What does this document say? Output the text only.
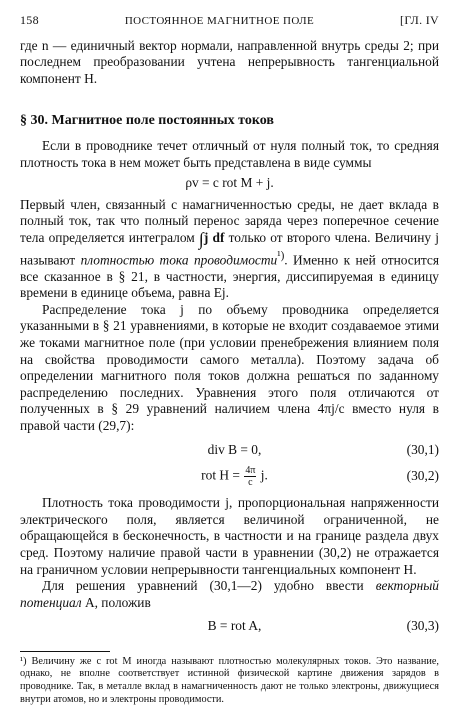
158	ПОСТОЯННОЕ МАГНИТНОЕ ПОЛЕ	[ГЛ. IV

где n — единичный вектор нормали, направленной внутрь среды 2; при последнем преобразовании учтена непрерывность тангенциальной компонент H.

§ 30. Магнитное поле постоянных токов

Если в проводнике течет отличный от нуля полный ток, то средняя плотность тока в нем может быть представлена в виде суммы

ρv = c rot M + j.

Первый член, связанный с намагниченностью среды, не дает вклада в полный ток, так что полный перенос заряда через поперечное сечение тела определяется интегралом ∫j df только от второго члена. Величину j называют плотностью тока проводимости$^{^1)}$. Именно к ней относится все сказанное в § 21, в частности, энергия, диссипируемая в единицу времени в единице объема, равна Ej.

Распределение тока j по объему проводника определяется указанными в § 21 уравнениями, в которые не входит создаваемое этими же токами магнитное поле (при условии пренебрежения влиянием поля на свойства проводимости самого металла). Поэтому задача об определении магнитного поля токов должна решаться по заданному распределению последних. Уравнения этого поля отличаются от полученных в § 29 уравнений наличием члена 4πj/c вместо нуля в правой части (29,7):

div B = 0,	(30,1)
rot $H = \frac{4\pi}{c} j$.	(30,2)

Плотность тока проводимости j, пропорциональная напряженности электрического поля, является величиной ограниченной, не обращающейся в бесконечность, в частности и на границе раздела двух сред. Поэтому наличие правой части в уравнении (30,2) не отражается на граничном условии непрерывности тангенциальных компонент H.

Для решения уравнений (30,1—2) удобно ввести векторный потенциал A, положив

B = rot A,	(30,3)

¹) Величину же c rot M иногда называют плотностью молекулярных токов. Это название, однако, не вполне соответствует истинной физической картине движения зарядов в проводнике. Так, в металле вклад в намагниченность дают не только электроны, движущиеся внутри атомов, но и электроны проводимости.
